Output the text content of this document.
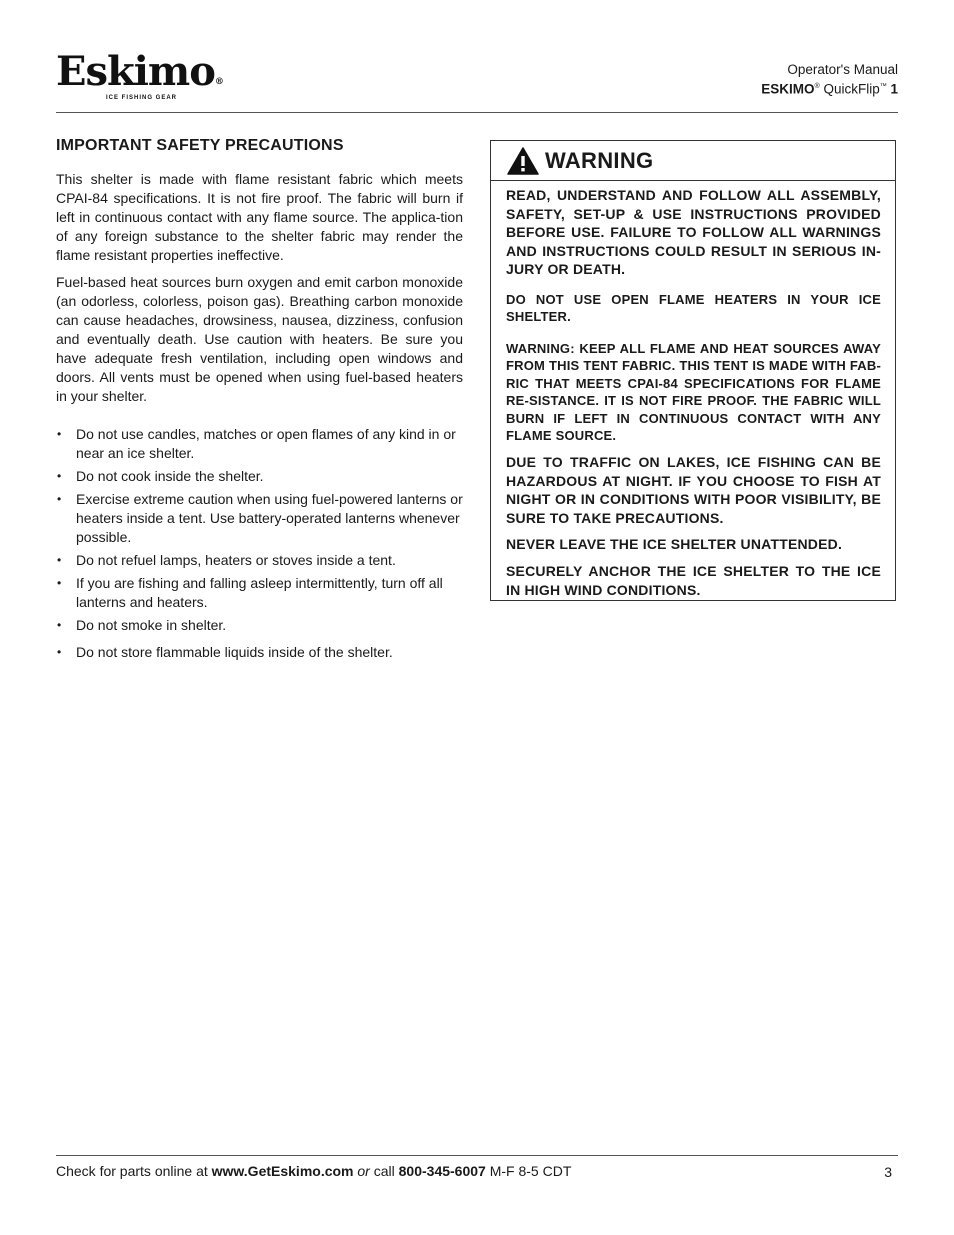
Eskimo®
ICE FISHING GEAR
Operator's Manual
ESKIMO® QuickFlip™ 1
IMPORTANT SAFETY PRECAUTIONS

This shelter is made with flame resistant fabric which meets CPAI-84 specifications. It is not fire proof. The fabric will burn if left in continuous contact with any flame source. The applica-tion of any foreign substance to the shelter fabric may render the flame resistant properties ineffective.

Fuel-based heat sources burn oxygen and emit carbon monoxide (an odorless, colorless, poison gas). Breathing carbon monoxide can cause headaches, drowsiness, nausea, dizziness, confusion and eventually death. Use caution with heaters. Be sure you have adequate fresh ventilation, including open windows and doors. All vents must be opened when using fuel-based heaters in your shelter.

• Do not use candles, matches or open flames of any kind in or near an ice shelter.
• Do not cook inside the shelter.
• Exercise extreme caution when using fuel-powered lanterns or heaters inside a tent. Use battery-operated lanterns whenever possible.
• Do not refuel lamps, heaters or stoves inside a tent.
• If you are fishing and falling asleep intermittently, turn off all lanterns and heaters.
• Do not smoke in shelter.
• Do not store flammable liquids inside of the shelter.
WARNING

READ, UNDERSTAND AND FOLLOW ALL ASSEMBLY, SAFETY, SET-UP & USE INSTRUCTIONS PROVIDED BEFORE USE. FAILURE TO FOLLOW ALL WARNINGS AND INSTRUCTIONS COULD RESULT IN SERIOUS IN-JURY OR DEATH.

DO NOT USE OPEN FLAME HEATERS IN YOUR ICE SHELTER.

WARNING: KEEP ALL FLAME AND HEAT SOURCES AWAY FROM THIS TENT FABRIC. THIS TENT IS MADE WITH FAB-RIC THAT MEETS CPAI-84 SPECIFICATIONS FOR FLAME RE-SISTANCE. IT IS NOT FIRE PROOF. THE FABRIC WILL BURN IF LEFT IN CONTINUOUS CONTACT WITH ANY FLAME SOURCE.

DUE TO TRAFFIC ON LAKES, ICE FISHING CAN BE HAZARDOUS AT NIGHT. IF YOU CHOOSE TO FISH AT NIGHT OR IN CONDITIONS WITH POOR VISIBILITY, BE SURE TO TAKE PRECAUTIONS.

NEVER LEAVE THE ICE SHELTER UNATTENDED.

SECURELY ANCHOR THE ICE SHELTER TO THE ICE IN HIGH WIND CONDITIONS.

Check for parts online at www.GetEskimo.com or call 800-345-6007 M-F 8-5 CDT	3
